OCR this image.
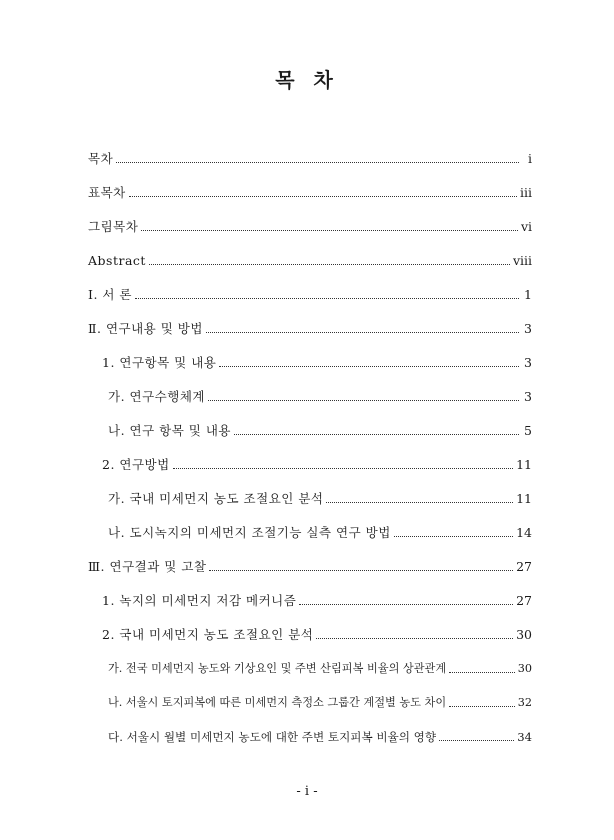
목 차
목차	i
표목차	iii
그림목차	vi
Abstract	viii
Ⅰ. 서 론	1
Ⅱ. 연구내용 및 방법	3
1. 연구항목 및 내용	3
가. 연구수행체계	3
나. 연구 항목 및 내용	5
2. 연구방법	11
가. 국내 미세먼지 농도 조절요인 분석	11
나. 도시녹지의 미세먼지 조절기능 실측 연구 방법	14
Ⅲ. 연구결과 및 고찰	27
1. 녹지의 미세먼지 저감 메커니즘	27
2. 국내 미세먼지 농도 조절요인 분석	30
가. 전국 미세먼지 농도와 기상요인 및 주변 산림피복 비율의 상관관계	30
나. 서울시 토지피복에 따른 미세먼지 측정소 그룹간 계절별 농도 차이	32
다. 서울시 월별 미세먼지 농도에 대한 주변 토지피복 비율의 영향	34
- i -
